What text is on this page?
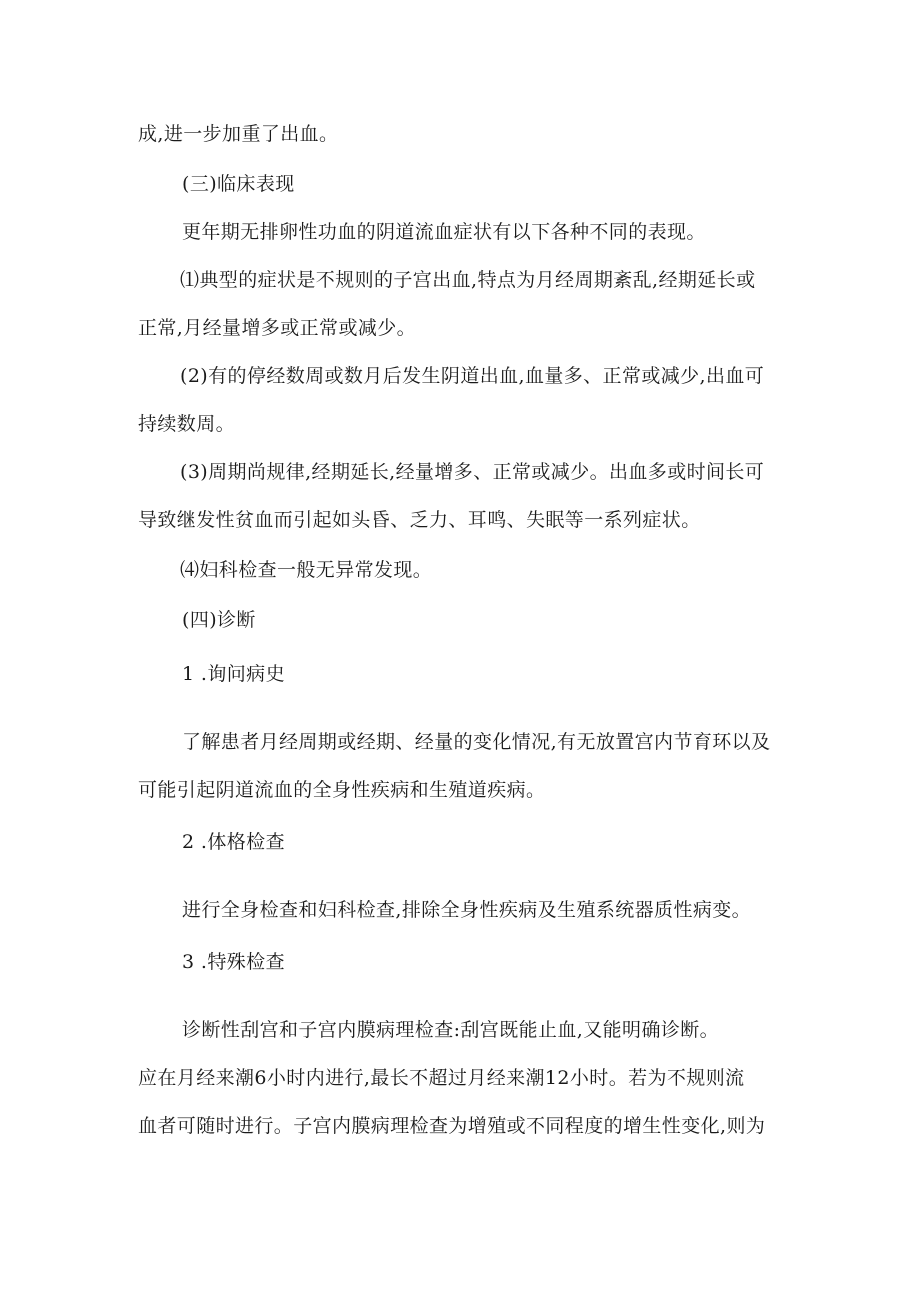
成,进一步加重了出血。
(三)临床表现
更年期无排卵性功血的阴道流血症状有以下各种不同的表现。
⑴典型的症状是不规则的子宫出血,特点为月经周期紊乱,经期延长或
正常,月经量增多或正常或减少。
(2)有的停经数周或数月后发生阴道出血,血量多、正常或减少,出血可
持续数周。
(3)周期尚规律,经期延长,经量增多、正常或减少。出血多或时间长可
导致继发性贫血而引起如头昏、乏力、耳鸣、失眠等一系列症状。
⑷妇科检查一般无异常发现。
(四)诊断
1 .询问病史
了解患者月经周期或经期、经量的变化情况,有无放置宫内节育环以及
可能引起阴道流血的全身性疾病和生殖道疾病。
2 .体格检查
进行全身检查和妇科检查,排除全身性疾病及生殖系统器质性病变。
3 .特殊检查
诊断性刮宫和子宫内膜病理检查:刮宫既能止血,又能明确诊断。
应在月经来潮6小时内进行,最长不超过月经来潮12小时。若为不规则流
血者可随时进行。子宫内膜病理检查为增殖或不同程度的增生性变化,则为
